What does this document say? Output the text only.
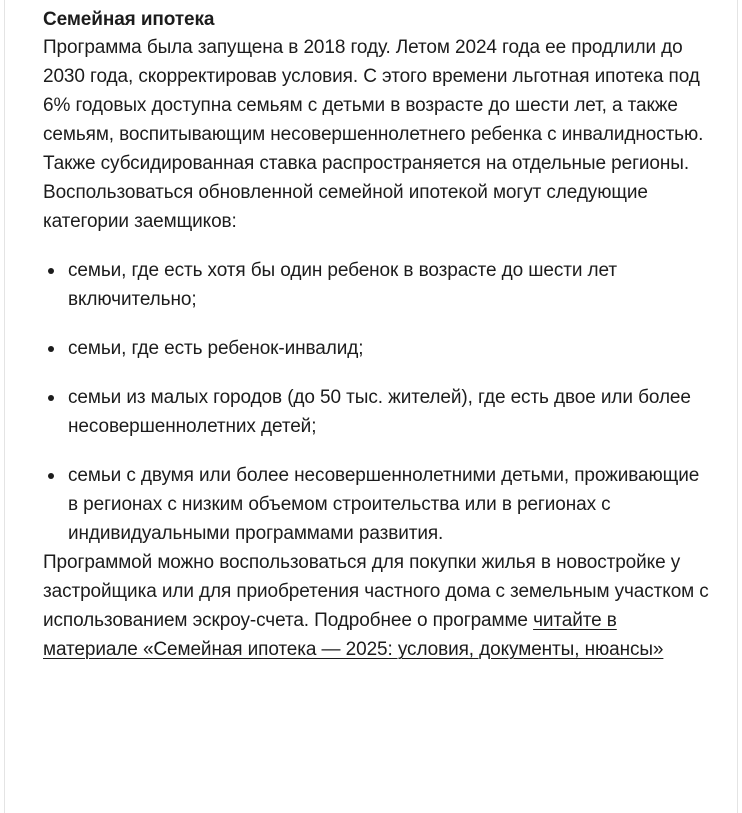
Семейная ипотека

Программа была запущена в 2018 году. Летом 2024 года ее продлили до 2030 года, скорректировав условия. С этого времени льготная ипотека под 6% годовых доступна семьям с детьми в возрасте до шести лет, а также семьям, воспитывающим несовершеннолетнего ребенка с инвалидностью. Также субсидированная ставка распространяется на отдельные регионы.

Воспользоваться обновленной семейной ипотекой могут следующие категории заемщиков:

семьи, где есть хотя бы один ребенок в возрасте до шести лет включительно;
семьи, где есть ребенок-инвалид;
семьи из малых городов (до 50 тыс. жителей), где есть двое или более несовершеннолетних детей;
семьи с двумя или более несовершеннолетними детьми, проживающие в регионах с низким объемом строительства или в регионах с индивидуальными программами развития.

Программой можно воспользоваться для покупки жилья в новостройке у застройщика или для приобретения частного дома с земельным участком с использованием эскроу-счета. Подробнее о программе читайте в материале «Семейная ипотека — 2025: условия, документы, нюансы»
